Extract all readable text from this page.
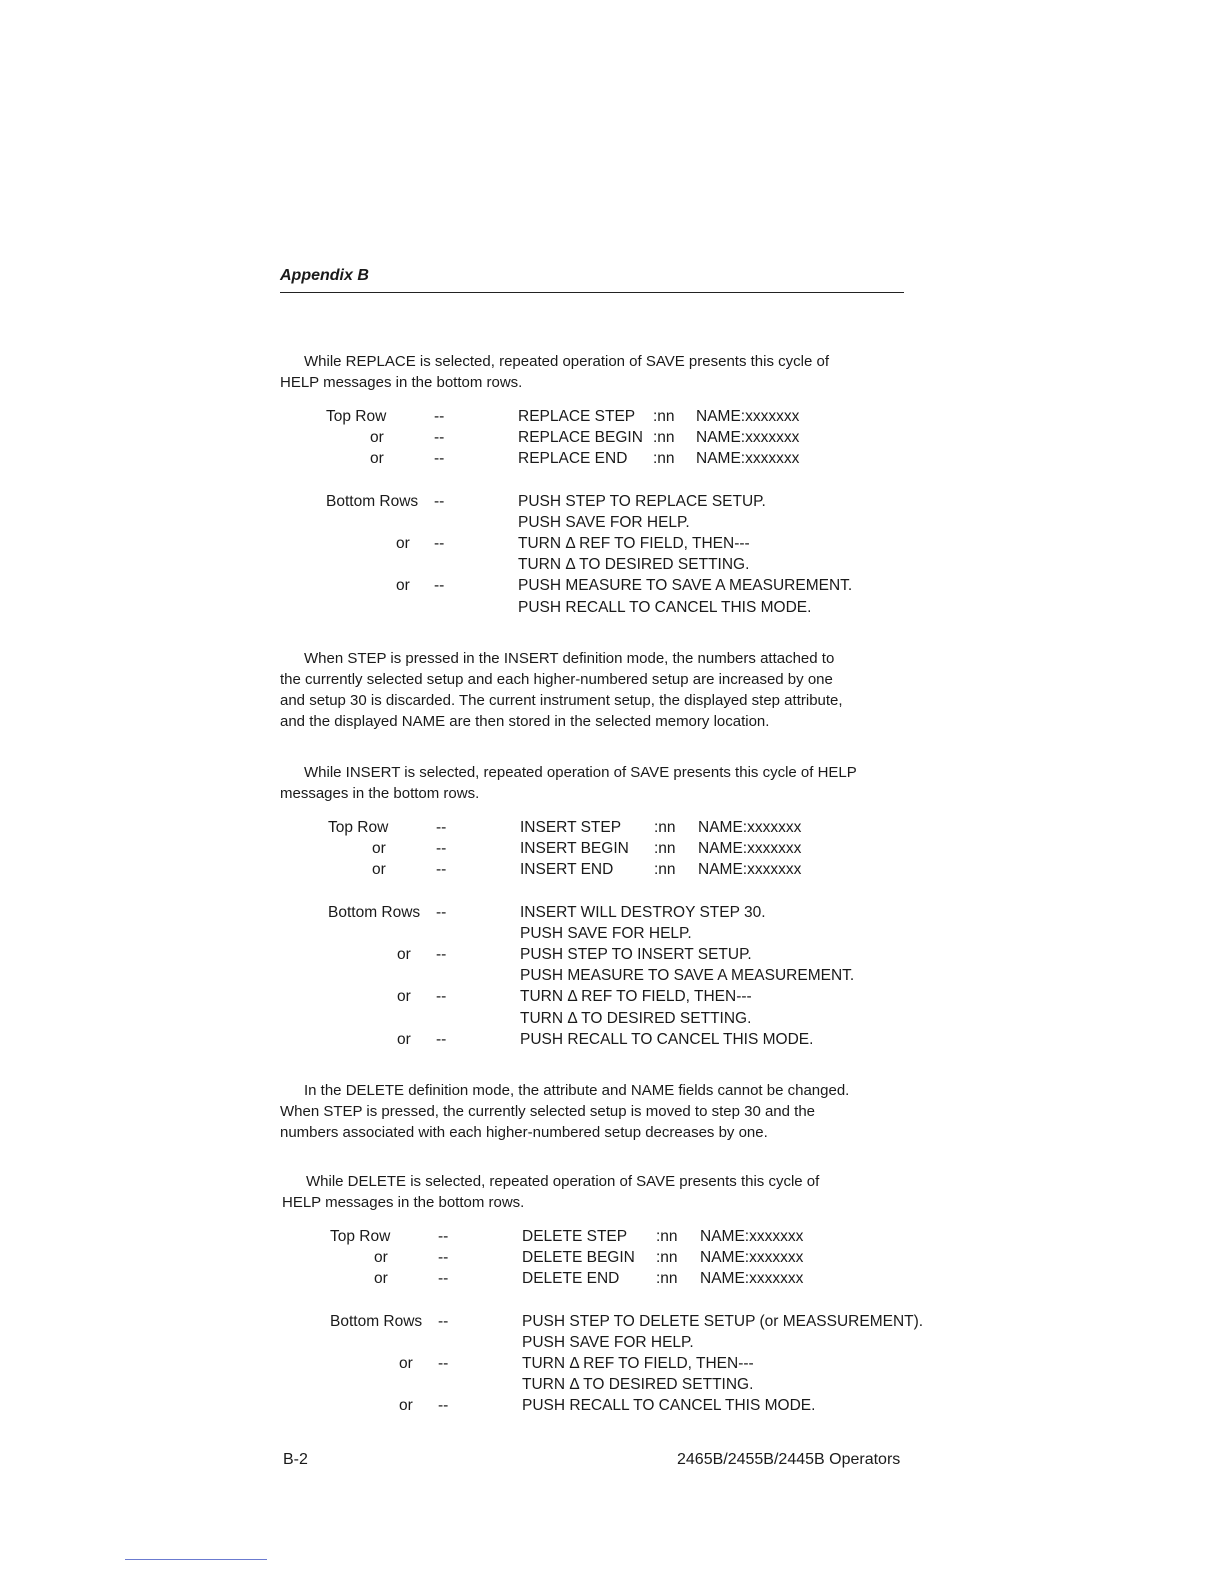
Appendix B

While REPLACE is selected, repeated operation of SAVE presents this cycle of

HELP messages in the bottom rows.

Top Row	--	REPLACE STEP :nn NAME:xxxxxxx
or	--	REPLACE BEGIN :nn NAME:xxxxxxx
or	--	REPLACE END :nn NAME:xxxxxxx
Bottom Rows --	PUSH STEP TO REPLACE SETUP.
PUSH SAVE FOR HELP.
or --	TURN Δ REF TO FIELD, THEN---
TURN Δ TO DESIRED SETTING.
or --	PUSH MEASURE TO SAVE A MEASUREMENT.
PUSH RECALL TO CANCEL THIS MODE.

When STEP is pressed in the INSERT definition mode, the numbers attached to

the currently selected setup and each higher-numbered setup are increased by one

and setup 30 is discarded. The current instrument setup, the displayed step attribute,

and the displayed NAME are then stored in the selected memory location.

While INSERT is selected, repeated operation of SAVE presents this cycle of HELP

messages in the bottom rows.

Top Row	--	INSERT STEP :nn NAME:xxxxxxx
or	--	INSERT BEGIN :nn NAME:xxxxxxx
or	--	INSERT END	:nn NAME:xxxxxxx
Bottom Rows --	INSERT WILL DESTROY STEP 30.
PUSH SAVE FOR HELP.
or --	PUSH STEP TO INSERT SETUP.
PUSH MEASURE TO SAVE A MEASUREMENT.
or --	TURN Δ REF TO FIELD, THEN---
TURN Δ TO DESIRED SETTING.
or --	PUSH RECALL TO CANCEL THIS MODE.

In the DELETE definition mode, the attribute and NAME fields cannot be changed.

When STEP is pressed, the currently selected setup is moved to step 30 and the

numbers associated with each higher-numbered setup decreases by one.

While DELETE is selected, repeated operation of SAVE presents this cycle of

HELP messages in the bottom rows.

Top Row	--	DELETE STEP :nn NAME:xxxxxxx
or	--	DELETE BEGIN :nn NAME:xxxxxxx
or	--	DELETE END :nn NAME:xxxxxxx
Bottom Rows --	PUSH STEP TO DELETE SETUP (or MEASSUREMENT).
PUSH SAVE FOR HELP.
or --	TURN Δ REF TO FIELD, THEN---
TURN Δ TO DESIRED SETTING.
or --	PUSH RECALL TO CANCEL THIS MODE.
B-2	2465B/2455B/2445B Operators
